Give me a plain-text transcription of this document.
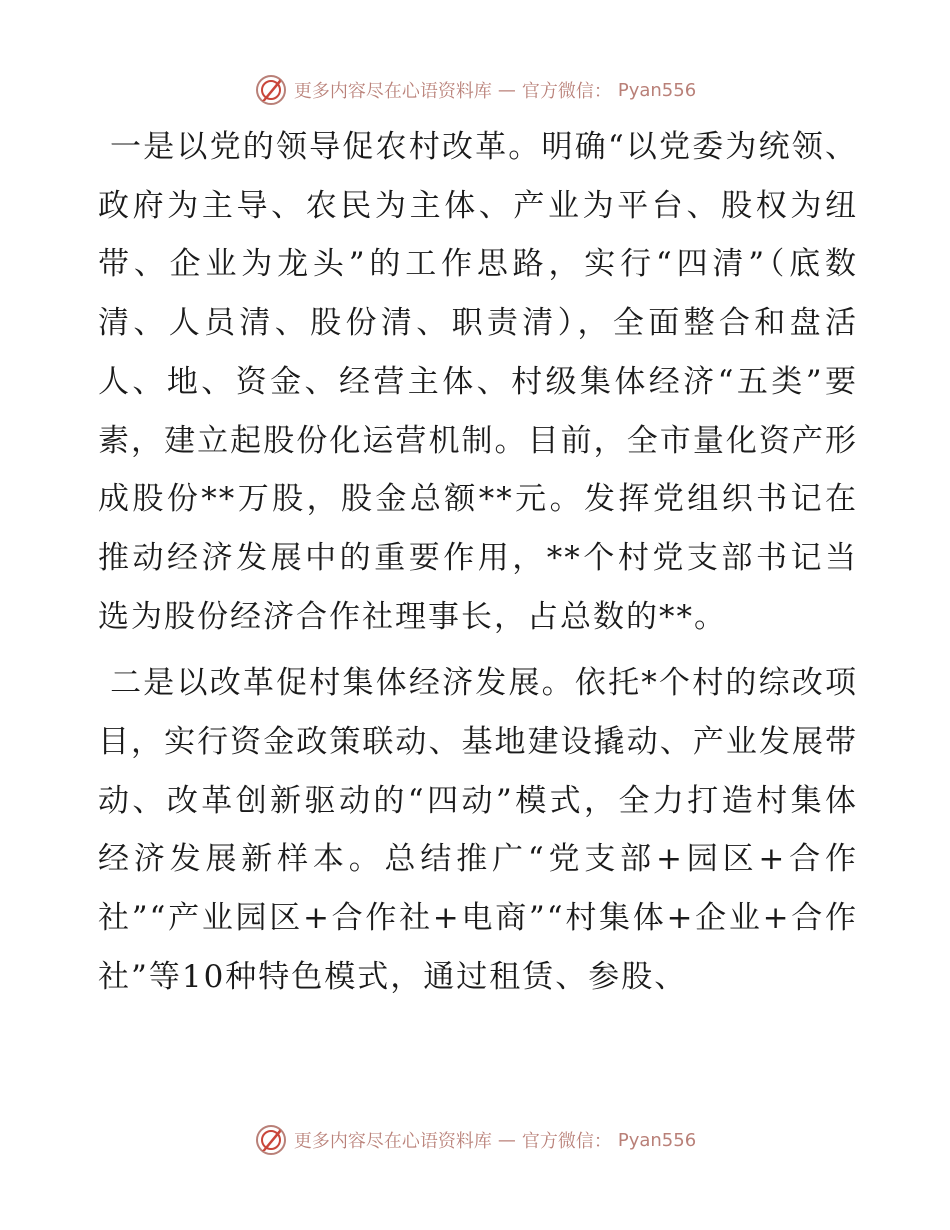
更多内容尽在心语资料库 — 官方微信： Pyan556

一是以党的领导促农村改革。明确“以党委为统领、政府为主导、农民为主体、产业为平台、股权为纽带、企业为龙头”的工作思路，实行“四清”（底数清、人员清、股份清、职责清），全面整合和盘活人、地、资金、经营主体、村级集体经济“五类”要素，建立起股份化运营机制。目前，全市量化资产形成股份**万股，股金总额**元。发挥党组织书记在推动经济发展中的重要作用，**个村党支部书记当选为股份经济合作社理事长，占总数的**。

二是以改革促村集体经济发展。依托*个村的综改项目，实行资金政策联动、基地建设撬动、产业发展带动、改革创新驱动的“四动”模式，全力打造村集体经济发展新样本。总结推广“党支部+园区+合作社”“产业园区+合作社+电商”“村集体+企业+合作社”等10种特色模式，通过租赁、参股、

更多内容尽在心语资料库 — 官方微信： Pyan556
